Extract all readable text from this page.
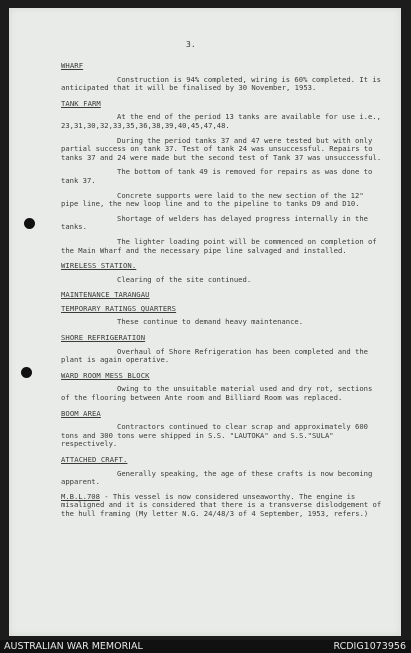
3.
WHARF

Construction is 94% completed, wiring is 60% completed. It is anticipated that it will be finalised by 30 November, 1953.

TANK FARM

At the end of the period 13 tanks are available for use i.e., 23,31,30,32,33,35,36,38,39,40,45,47,48.

During the period tanks 37 and 47 were tested but with only partial success on tank 37. Test of tank 24 was unsuccessful. Repairs to tanks 37 and 24 were made but the second test of Tank 37 was unsuccessful.

The bottom of tank 49 is removed for repairs as was done to tank 37.

Concrete supports were laid to the new section of the 12" pipe line, the new loop line and to the pipeline to tanks D9 and D10.

Shortage of welders has delayed progress internally in the tanks.

The lighter loading point will be commenced on completion of the Main Wharf and the necessary pipe line salvaged and installed.

WIRELESS STATION.

Clearing of the site continued.

MAINTENANCE TARANGAU
TEMPORARY RATINGS QUARTERS

These continue to demand heavy maintenance.

SHORE REFRIGERATION

Overhaul of Shore Refrigeration has been completed and the plant is again operative.

WARD ROOM MESS BLOCK

Owing to the unsuitable material used and dry rot, sections of the flooring between Ante room and Billiard Room was replaced.

BOOM AREA

Contractors continued to clear scrap and approximately 600 tons and 300 tons were shipped in S.S. "LAUTOKA" and S.S."SULA" respectively.

ATTACHED CRAFT.

Generally speaking, the age of these crafts is now becoming apparent.

M.B.L.708 - This vessel is now considered unseaworthy. The engine is misaligned and it is considered that there is a transverse dislodgement of the hull framing (My letter N.G. 24/48/3 of 4 September, 1953, refers.)

AUSTRALIAN WAR MEMORIAL	RCDIG1073956
